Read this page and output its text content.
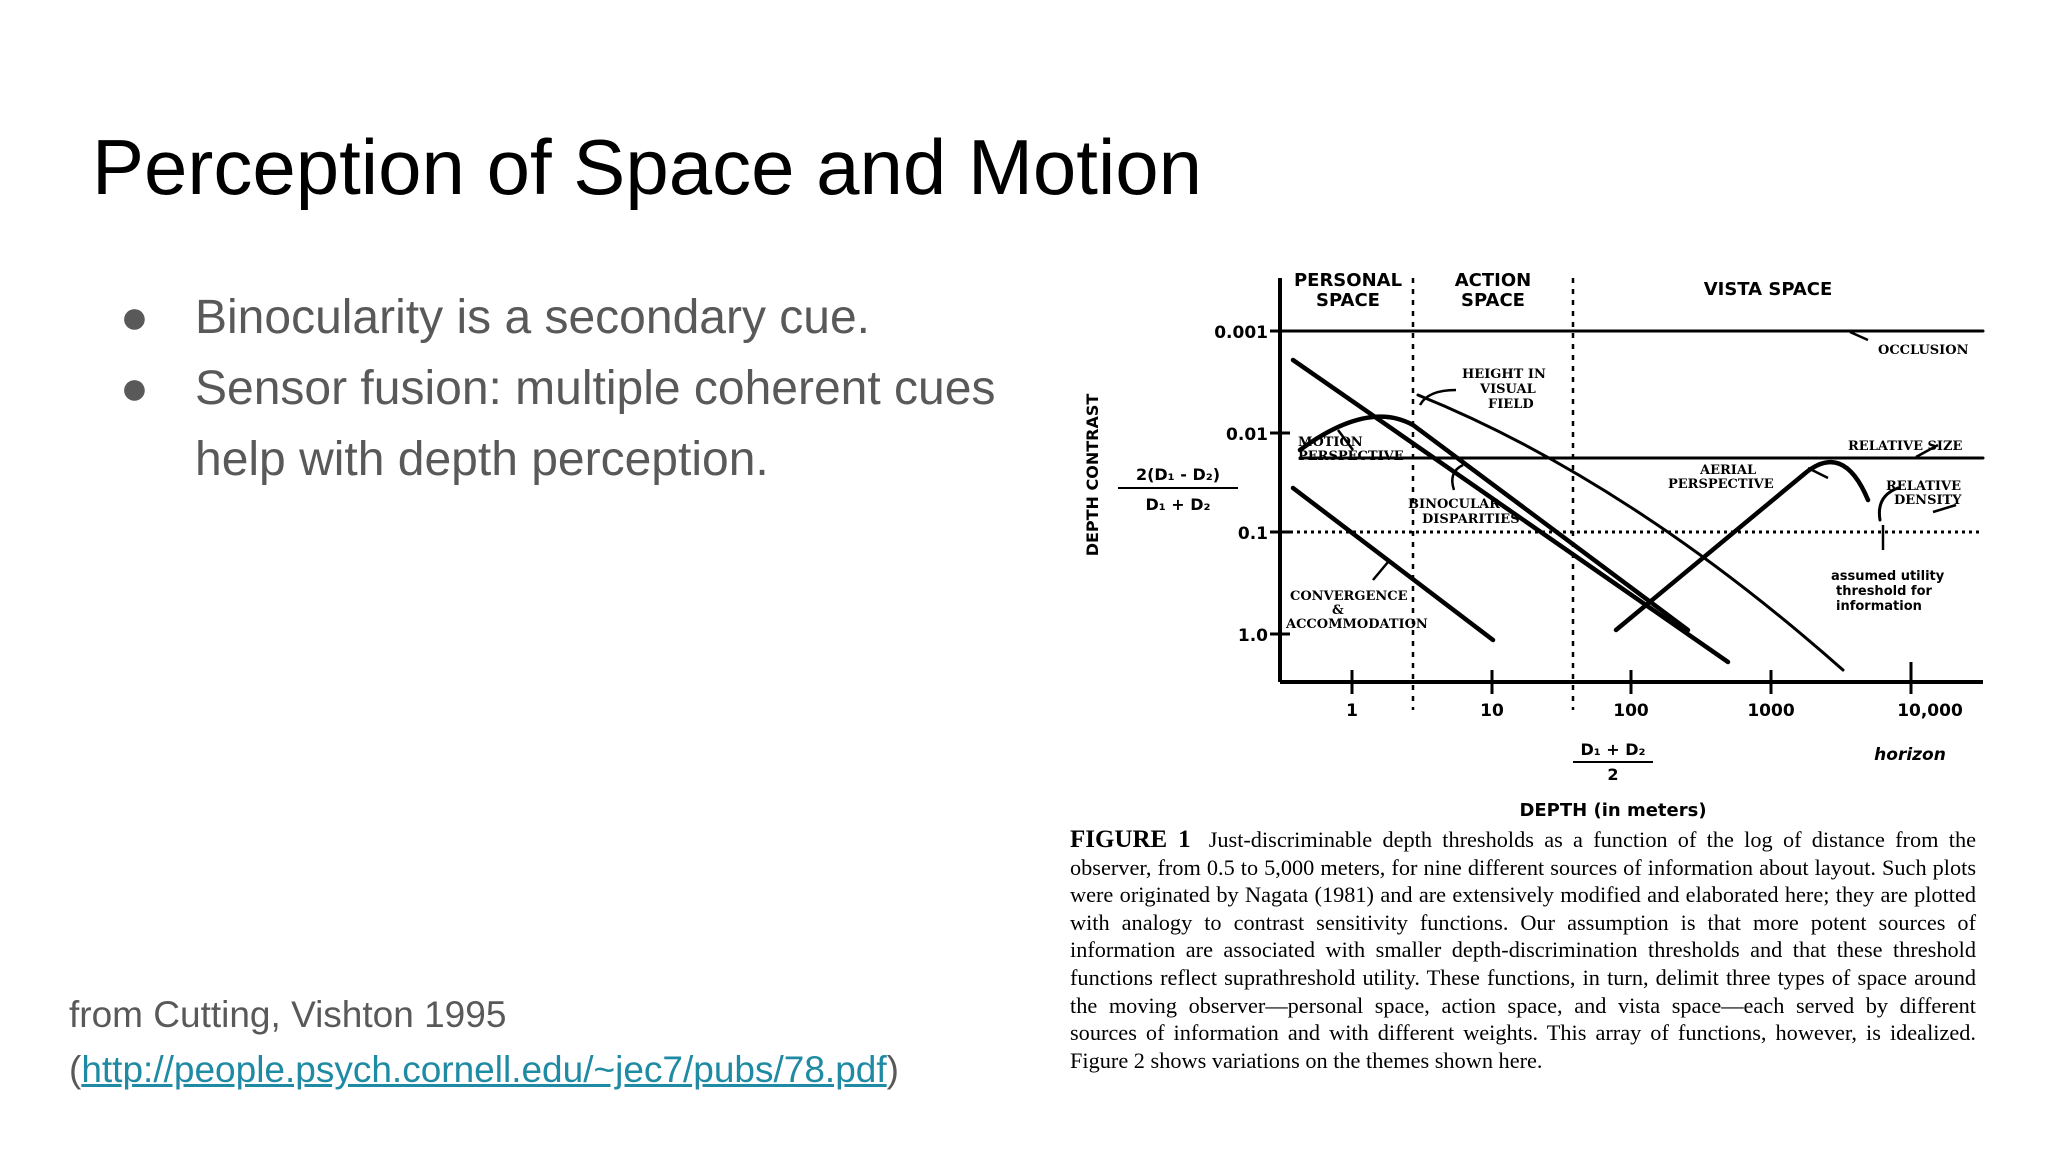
Perception of Space and Motion
● Binocularity is a secondary cue.
● Sensor fusion: multiple coherent cues help with depth perception.
from Cutting, Vishton 1995
(http://people.psych.cornell.edu/~jec7/pubs/78.pdf)
PERSONAL
SPACE
ACTION
SPACE
VISTA SPACE
0.001
0.01
0.1
1.0
1	10	100	1000	10,000
DEPTH CONTRAST 2(D₁ - D₂)
D₁ + D₂
D₁ + D₂
2
DEPTH (in meters)
horizon
OCCLUSION
HEIGHT IN
VISUAL
FIELD
RELATIVE SIZE
RELATIVE
DENSITY
MOTION
PERSPECTIVE
AERIAL
PERSPECTIVE
BINOCULAR
DISPARITIES
CONVERGENCE
&
ACCOMMODATION
assumed utility
threshold for
information
FIGURE 1 Just-discriminable depth thresholds as a function of the log of distance from the observer, from 0.5 to 5,000 meters, for nine different sources of information about layout. Such plots were originated by Nagata (1981) and are extensively modified and elaborated here; they are plotted with analogy to contrast sensitivity functions. Our assumption is that more potent sources of information are associated with smaller depth-discrimination thresholds and that these threshold functions reflect suprathreshold utility. These functions, in turn, delimit three types of space around the moving observer—personal space, action space, and vista space—each served by different sources of information and with different weights. This array of functions, however, is idealized. Figure 2 shows variations on the themes shown here.
